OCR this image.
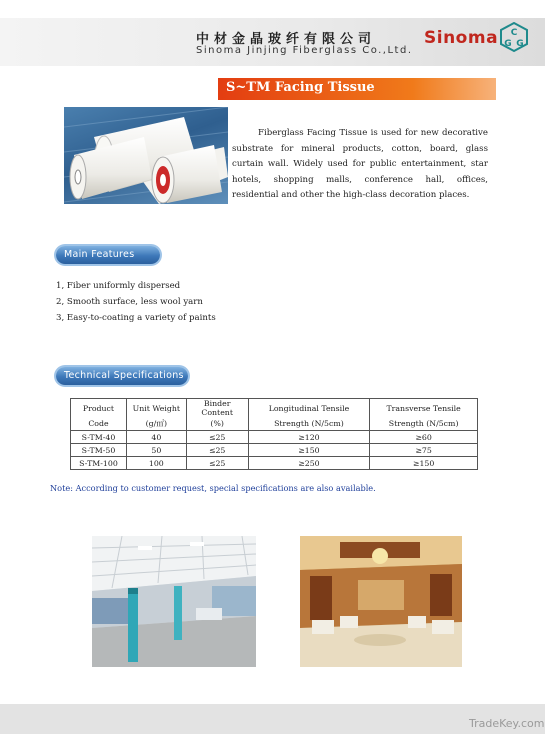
中材金晶玻纤有限公司
Sinoma Jinjing Fiberglass Co.,Ltd.
Sinoma C
G G
S~TM Facing Tissue
Fiberglass Facing Tissue is used for new decorative substrate for mineral products, cotton, board, glass curtain wall. Widely used for public entertainment, star hotels, shopping malls, conference hall, offices, residential and other the high-class decoration places.
Main Features
1, Fiber uniformly dispersed
2, Smooth surface, less wool yarn
3, Easy-to-coating a variety of paints
Technical Specifications
Product	Unit Weight	Binder Content	Longitudinal Tensile	Transverse Tensile
Code	(g/㎡)	(%)	Strength (N/5cm)	Strength (N/5cm)
S-TM-40	40	≤25	≥120	≥60
S-TM-50	50	≤25	≥150	≥75
S-TM-100	100	≤25	≥250	≥150
Note: According to customer request, special specifications are also available.
TradeKey.com
